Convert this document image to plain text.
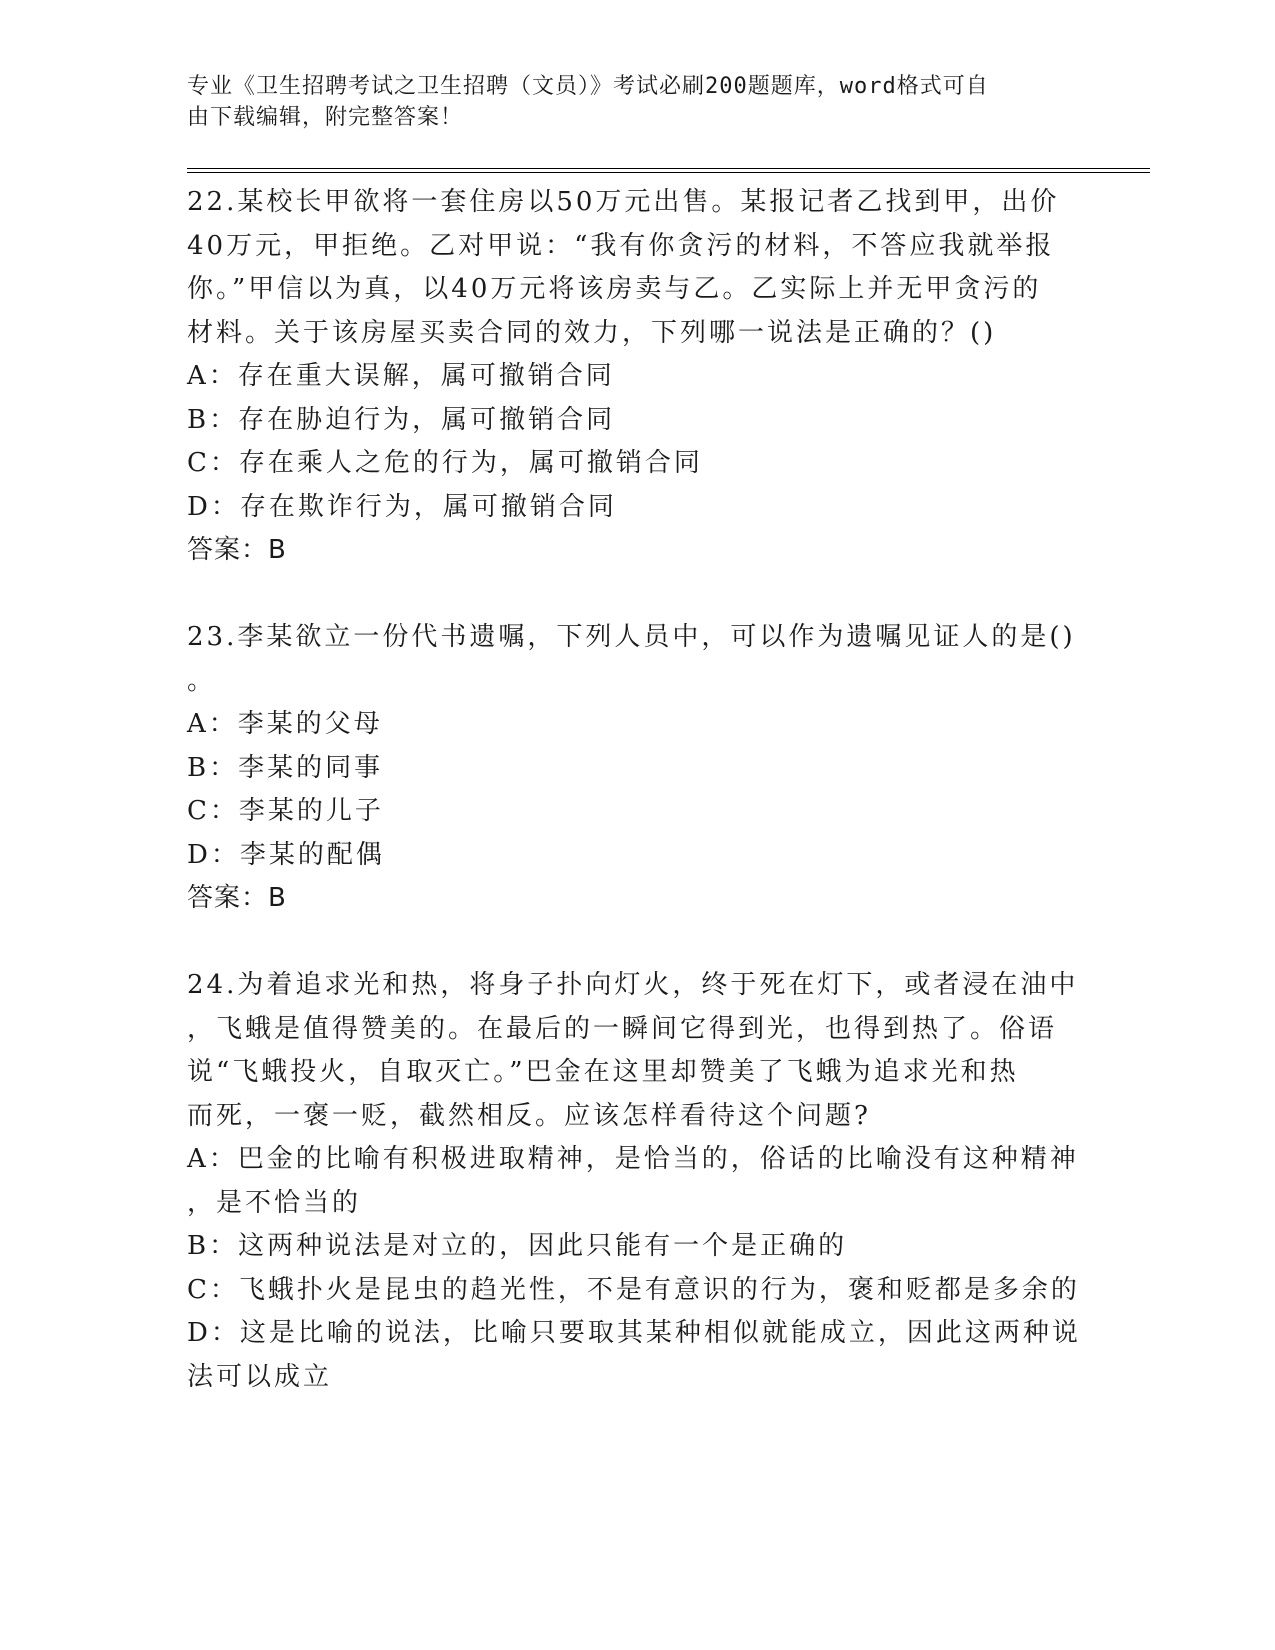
专业《卫生招聘考试之卫生招聘（文员）》考试必刷200题题库，word格式可自
由下载编辑，附完整答案！
22.某校长甲欲将一套住房以50万元出售。某报记者乙找到甲，出价
40万元，甲拒绝。乙对甲说：“我有你贪污的材料，不答应我就举报
你。”甲信以为真，以40万元将该房卖与乙。乙实际上并无甲贪污的
材料。关于该房屋买卖合同的效力，下列哪一说法是正确的？()
A：存在重大误解，属可撤销合同
B：存在胁迫行为，属可撤销合同
C：存在乘人之危的行为，属可撤销合同
D：存在欺诈行为，属可撤销合同
答案：B
23.李某欲立一份代书遗嘱，下列人员中，可以作为遗嘱见证人的是()
。
A：李某的父母
B：李某的同事
C：李某的儿子
D：李某的配偶
答案：B
24.为着追求光和热，将身子扑向灯火，终于死在灯下，或者浸在油中
，飞蛾是值得赞美的。在最后的一瞬间它得到光，也得到热了。俗语
说“飞蛾投火，自取灭亡。”巴金在这里却赞美了飞蛾为追求光和热
而死，一褒一贬，截然相反。应该怎样看待这个问题?
A：巴金的比喻有积极进取精神，是恰当的，俗话的比喻没有这种精神
，是不恰当的
B：这两种说法是对立的，因此只能有一个是正确的
C：飞蛾扑火是昆虫的趋光性，不是有意识的行为，褒和贬都是多余的
D：这是比喻的说法，比喻只要取其某种相似就能成立，因此这两种说
法可以成立
